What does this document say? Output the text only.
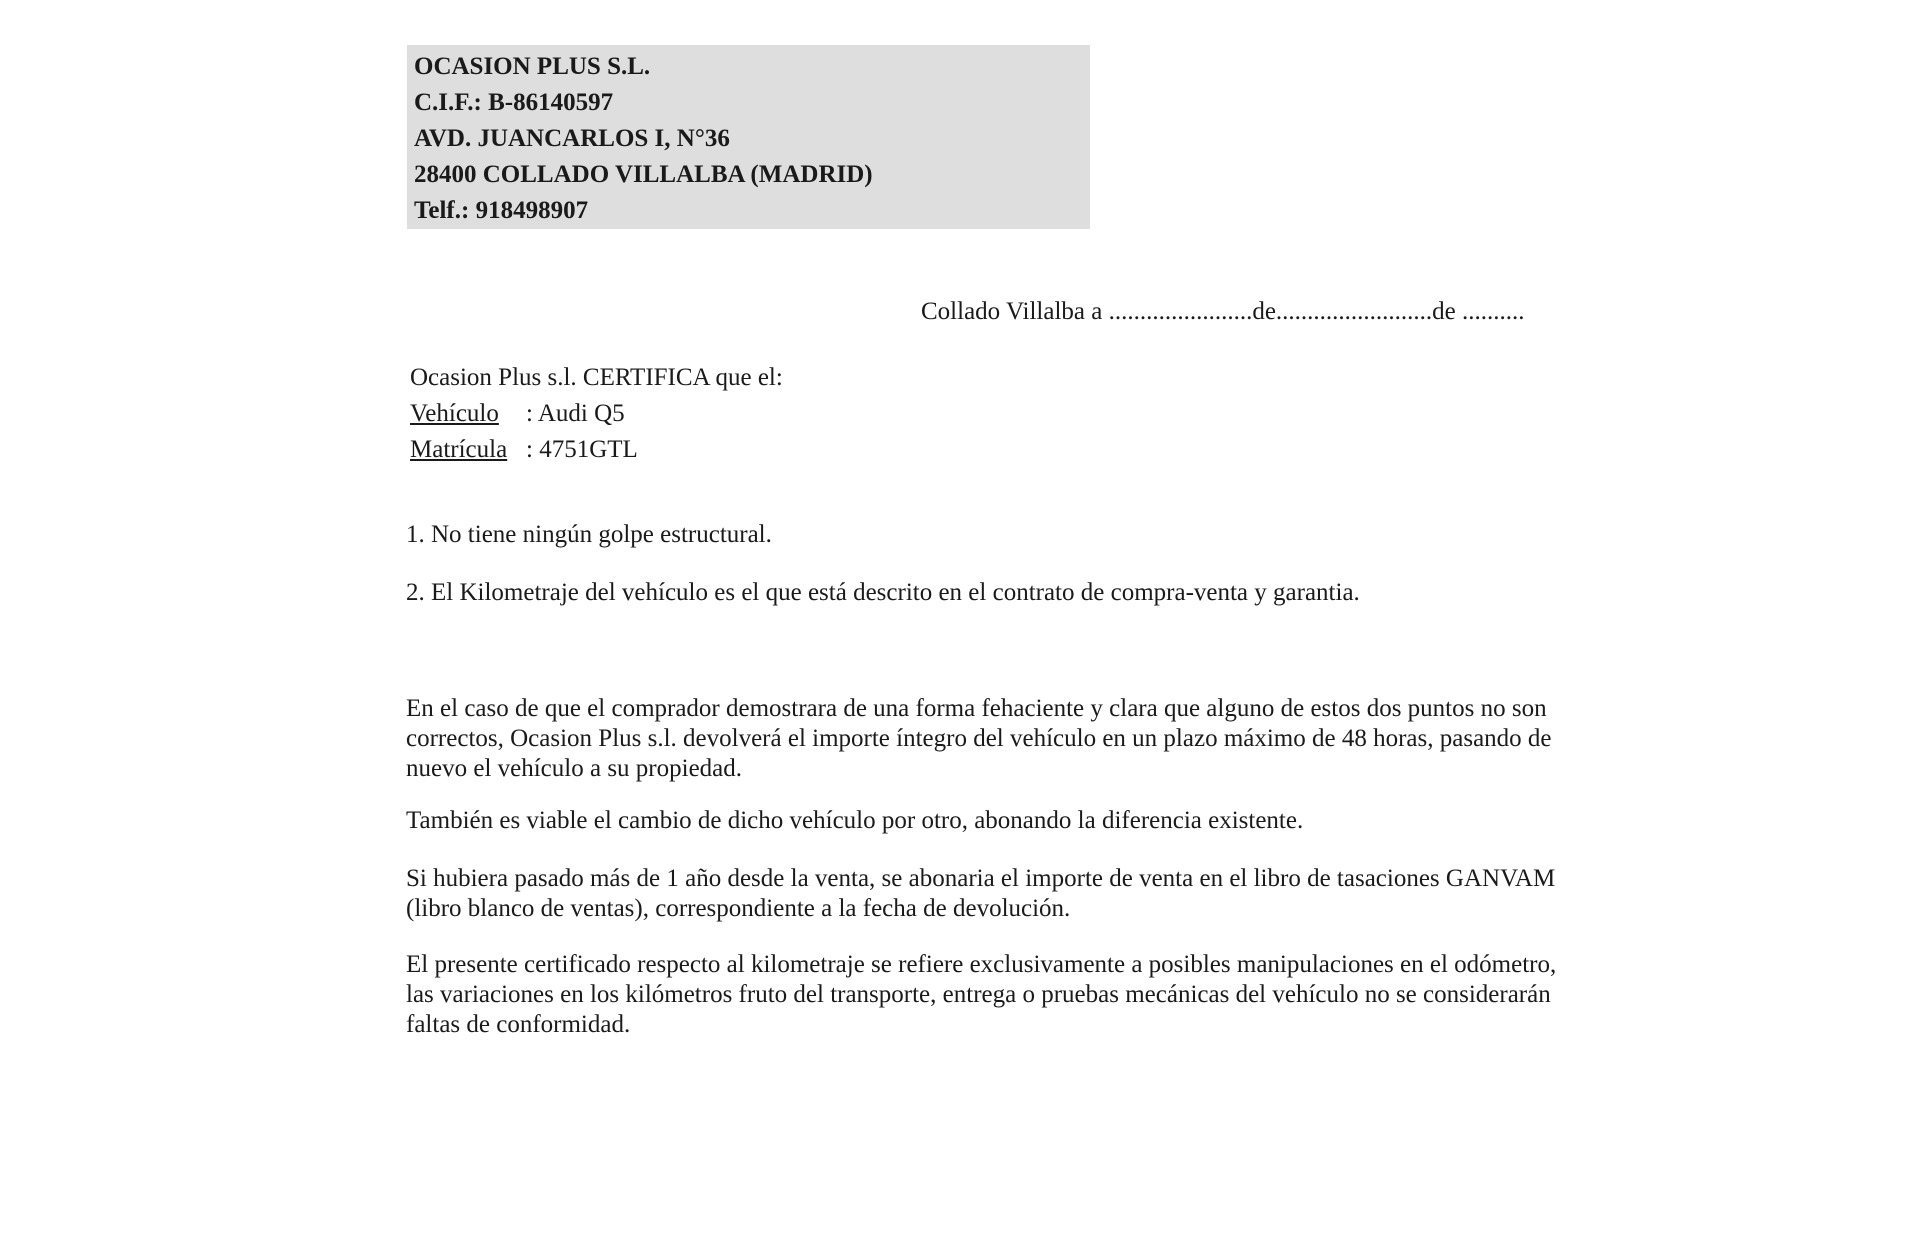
OCASION PLUS S.L.
C.I.F.: B-86140597
AVD. JUANCARLOS I, N°36
28400 COLLADO VILLALBA (MADRID)
Telf.: 918498907
Collado Villalba a .......................de.........................de ..........
Ocasion Plus s.l. CERTIFICA que el:
Vehículo : Audi Q5
Matrícula : 4751GTL
1. No tiene ningún golpe estructural.
2. El Kilometraje del vehículo es el que está descrito en el contrato de compra-venta y garantia.
En el caso de que el comprador demostrara de una forma fehaciente y clara que alguno de estos dos puntos no son correctos, Ocasion Plus s.l. devolverá el importe íntegro del vehículo en un plazo máximo de 48 horas, pasando de nuevo el vehículo a su propiedad.
También es viable el cambio de dicho vehículo por otro, abonando la diferencia existente.
Si hubiera pasado más de 1 año desde la venta, se abonaria el importe de venta en el libro de tasaciones GANVAM (libro blanco de ventas), correspondiente a la fecha de devolución.
El presente certificado respecto al kilometraje se refiere exclusivamente a posibles manipulaciones en el odómetro, las variaciones en los kilómetros fruto del transporte, entrega o pruebas mecánicas del vehículo no se considerarán faltas de conformidad.
